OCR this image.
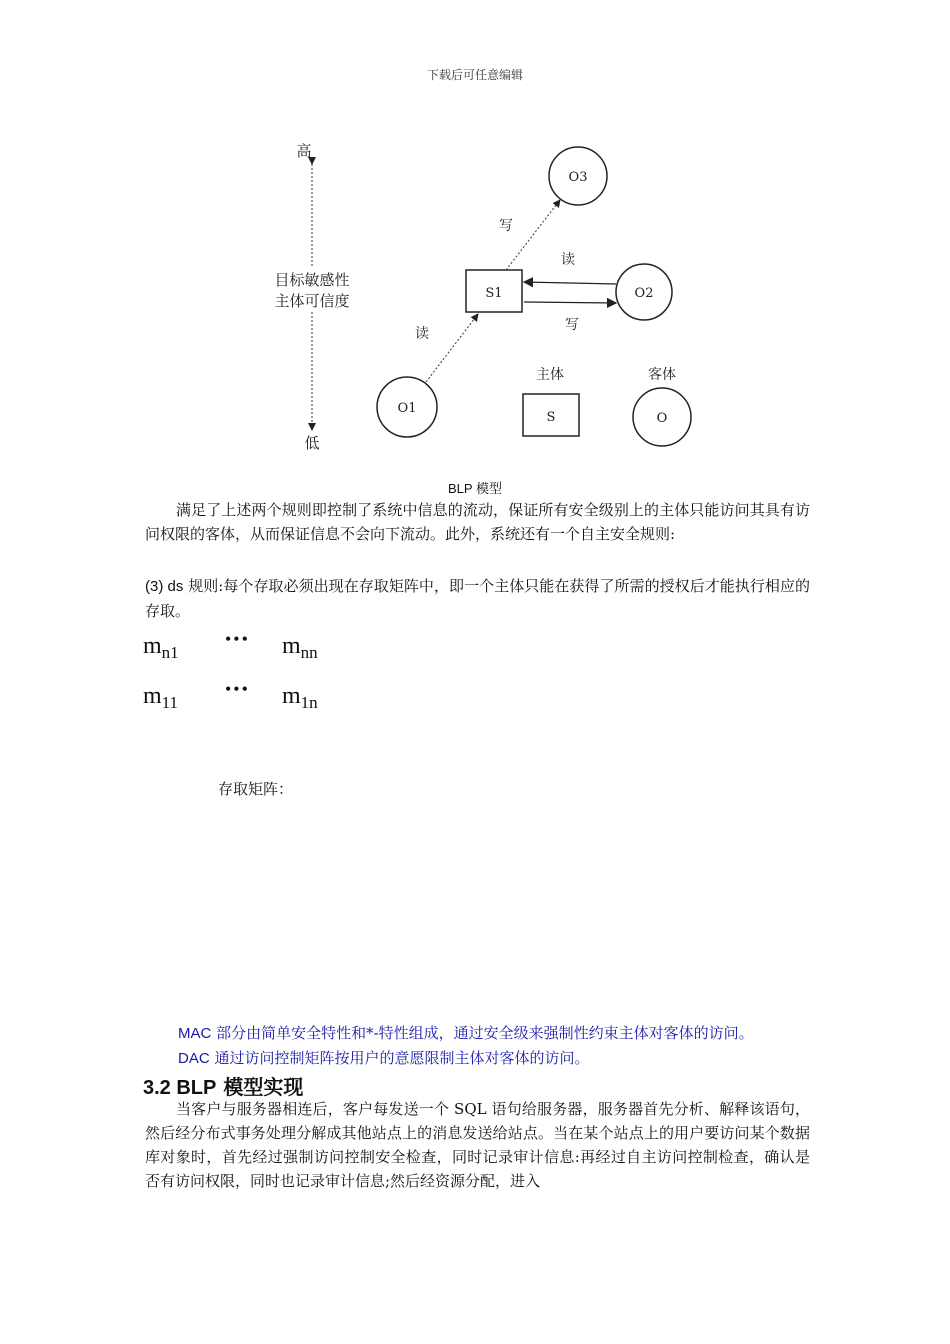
下载后可任意编辑
高
目标敏感性
主体可信度
低
S1
O3
O2
O1
写
读
写
读
主体
S
客体
O
BLP 模型
满足了上述两个规则即控制了系统中信息的流动，保证所有安全级别上的主体只能访问其具有访问权限的客体，从而保证信息不会向下流动。此外，系统还有一个自主安全规则:
(3) ds 规则:每个存取必须出现在存取矩阵中，即一个主体只能在获得了所需的授权后才能执行相应的存取。
$m_{n1}$
••• $m_{nn}$
$m_{11}$
••• $m_{1n}$
存取矩阵：
MAC 部分由简单安全特性和*-特性组成，通过安全级来强制性约束主体对客体的访问。
DAC 通过访问控制矩阵按用户的意愿限制主体对客体的访问。
3.2 BLP 模型实现
当客户与服务器相连后，客户每发送一个 SQL 语句给服务器，服务器首先分析、解释该语句，然后经分布式事务处理分解成其他站点上的消息发送给站点。当在某个站点上的用户要访问某个数据库对象时，首先经过强制访问控制安全检查，同时记录审计信息:再经过自主访问控制检查，确认是否有访问权限，同时也记录审计信息;然后经资源分配，进入
